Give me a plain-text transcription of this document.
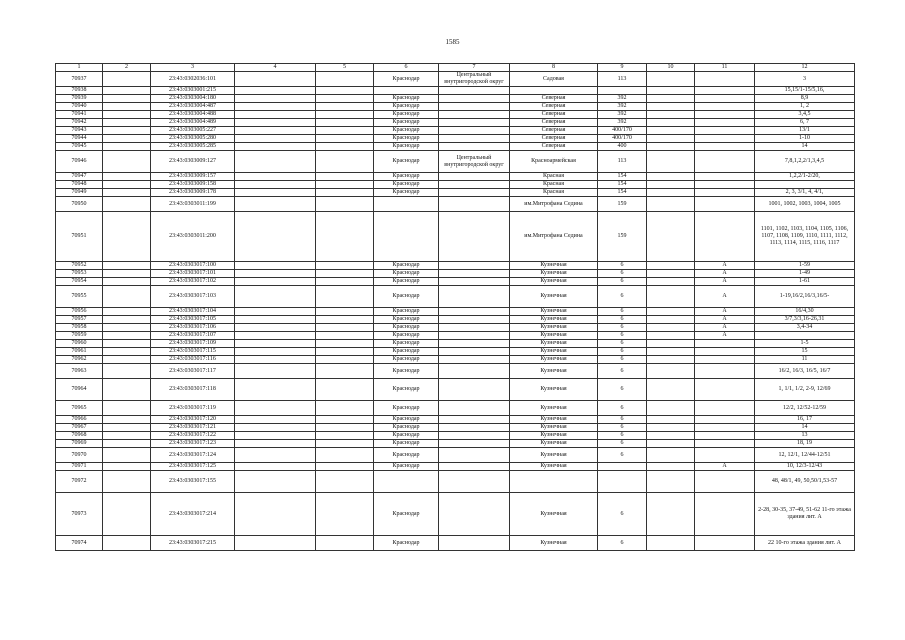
1585
1	2	3	4	5	6	7	8	9	10	11	12
70937		23:43:0302036:101			Краснодар	Центральный внутригородской округ	Садовая	113			3
70938		23:43:0303001:215									15,15/1-15/5,16,
70939		23:43:0303004:180			Краснодар		Северная	392			8,9
70940		23:43:0303004:487			Краснодар		Северная	392			1, 2
70941		23:43:0303004:488			Краснодар		Северная	392			3,4,5
70942		23:43:0303004:489			Краснодар		Северная	392			6, 7
70943		23:43:0303005:227			Краснодар		Северная	400/170			13/1
70944		23:43:0303005:280			Краснодар		Северная	400/170			1-10
70945		23:43:0303005:285			Краснодар		Северная	400			14
70946		23:43:0303009:127			Краснодар	Центральный внутригородской округ	Красноармейская	113			7,8,1,2,2/1,3,4,5
70947		23:43:0303009:157			Краснодар		Красная	154			1,2,2/1-2/20,
70948		23:43:0303009:158			Краснодар		Красная	154			
70949		23:43:0303009:178			Краснодар		Красная	154			2, 3, 3/1, 4, 4/1,
70950		23:43:0303011:199					им.Митрофана Седина	159			1001, 1002, 1003, 1004, 1005
70951		23:43:0303011:200					им.Митрофана Седина	159			1101, 1102, 1103, 1104, 1105, 1106, 1107, 1108, 1109, 1110, 1111, 1112, 1113, 1114, 1115, 1116, 1117
70952		23:43:0303017:100			Краснодар		Кузнечная	6		А	1-59
70953		23:43:0303017:101			Краснодар		Кузнечная	6		А	1-49
70954		23:43:0303017:102			Краснодар		Кузнечная	6		А	1-61
70955		23:43:0303017:103			Краснодар		Кузнечная	6		А	1-19,16/2,16/3,16/5-
70956		23:43:0303017:104			Краснодар		Кузнечная	6		А	16/4,30
70957		23:43:0303017:105			Краснодар		Кузнечная	6		А	3/7,3/3,16-26,31
70958		23:43:0303017:106			Краснодар		Кузнечная	6		А	3,4-34
70959		23:43:0303017:107			Краснодар		Кузнечная	6		А	
70960		23:43:0303017:109			Краснодар		Кузнечная	6			1-5
70961		23:43:0303017:115			Краснодар		Кузнечная	6			15
70962		23:43:0303017:116			Краснодар		Кузнечная	6			11
70963		23:43:0303017:117			Краснодар		Кузнечная	6			16/2, 16/3, 16/5, 16/7
70964		23:43:0303017:118			Краснодар		Кузнечная	6			1, 1/1, 1/2, 2-9, 12/69
70965		23:43:0303017:119			Краснодар		Кузнечная	6			12/2, 12/52-12/59
70966		23:43:0303017:120			Краснодар		Кузнечная	6			16, 17
70967		23:43:0303017:121			Краснодар		Кузнечная	6			14
70968		23:43:0303017:122			Краснодар		Кузнечная	6			13
70969		23:43:0303017:123			Краснодар		Кузнечная	6			18, 19
70970		23:43:0303017:124			Краснодар		Кузнечная	6			12, 12/1, 12/44-12/51
70971		23:43:0303017:125			Краснодар		Кузнечная			А	10, 12/3-12/43
70972		23:43:0303017:155									48, 48/1, 49, 50,50/1,53-57
70973		23:43:0303017:214			Краснодар		Кузнечная	6			2-28, 30-35, 37-49, 51-62 11-го этажа здания лит. А
70974		23:43:0303017:215			Краснодар		Кузнечная	6			22 10-го этажа здания лит. А
